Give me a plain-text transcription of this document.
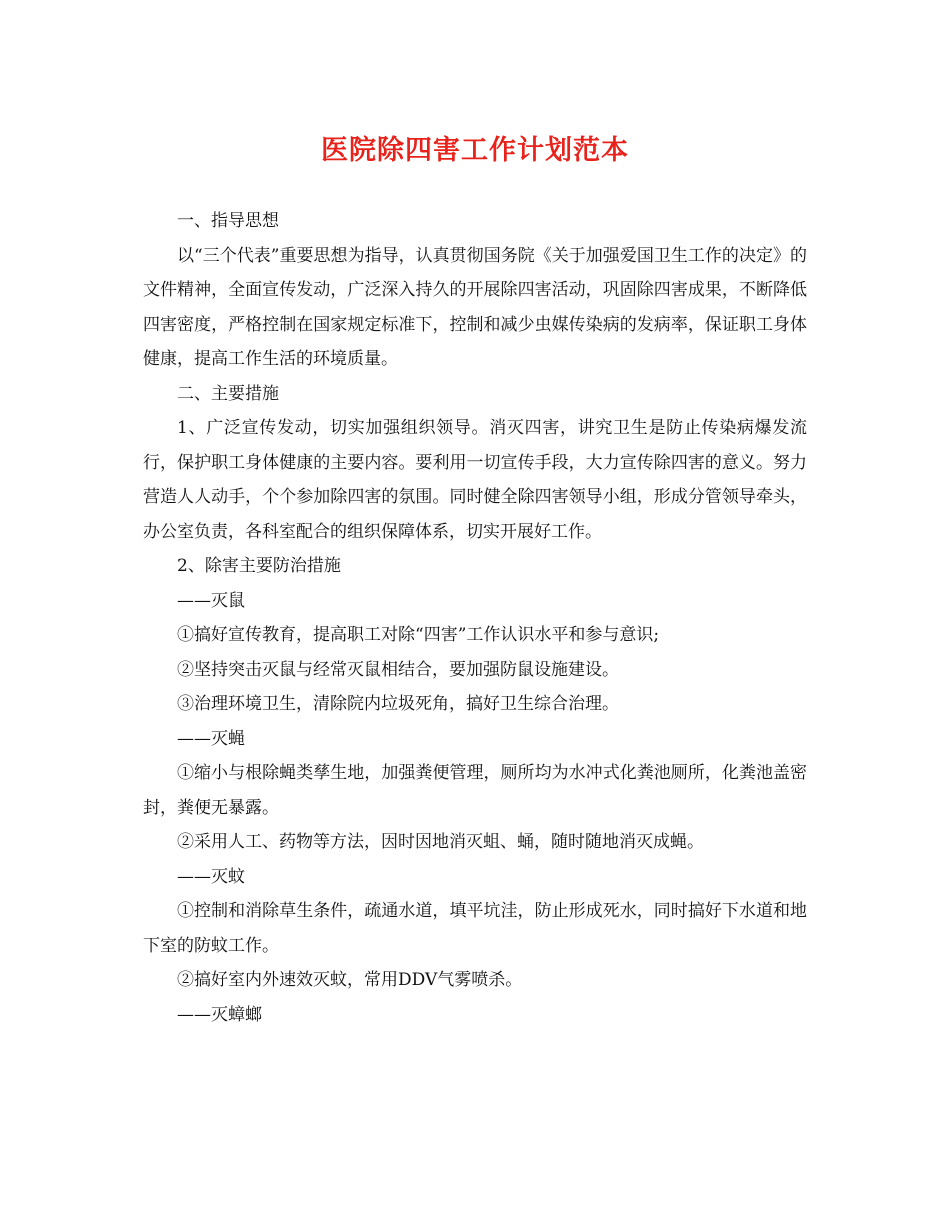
医院除四害工作计划范本

一、指导思想

以“三个代表”重要思想为指导，认真贯彻国务院《关于加强爱国卫生工作的决定》的文件精神，全面宣传发动，广泛深入持久的开展除四害活动，巩固除四害成果，不断降低四害密度，严格控制在国家规定标准下，控制和减少虫媒传染病的发病率，保证职工身体健康，提高工作生活的环境质量。

二、主要措施

1、广泛宣传发动，切实加强组织领导。消灭四害，讲究卫生是防止传染病爆发流行，保护职工身体健康的主要内容。要利用一切宣传手段，大力宣传除四害的意义。努力营造人人动手，个个参加除四害的氛围。同时健全除四害领导小组，形成分管领导牵头，办公室负责，各科室配合的组织保障体系，切实开展好工作。

2、除害主要防治措施

——灭鼠

①搞好宣传教育，提高职工对除“四害”工作认识水平和参与意识;

②坚持突击灭鼠与经常灭鼠相结合，要加强防鼠设施建设。

③治理环境卫生，清除院内垃圾死角，搞好卫生综合治理。

——灭蝇

①缩小与根除蝇类孳生地，加强粪便管理，厕所均为水冲式化粪池厕所，化粪池盖密封，粪便无暴露。

②采用人工、药物等方法，因时因地消灭蛆、蛹，随时随地消灭成蝇。

——灭蚊

①控制和消除草生条件，疏通水道，填平坑洼，防止形成死水，同时搞好下水道和地下室的防蚊工作。

②搞好室内外速效灭蚊，常用DDV气雾喷杀。

——灭蟑螂
